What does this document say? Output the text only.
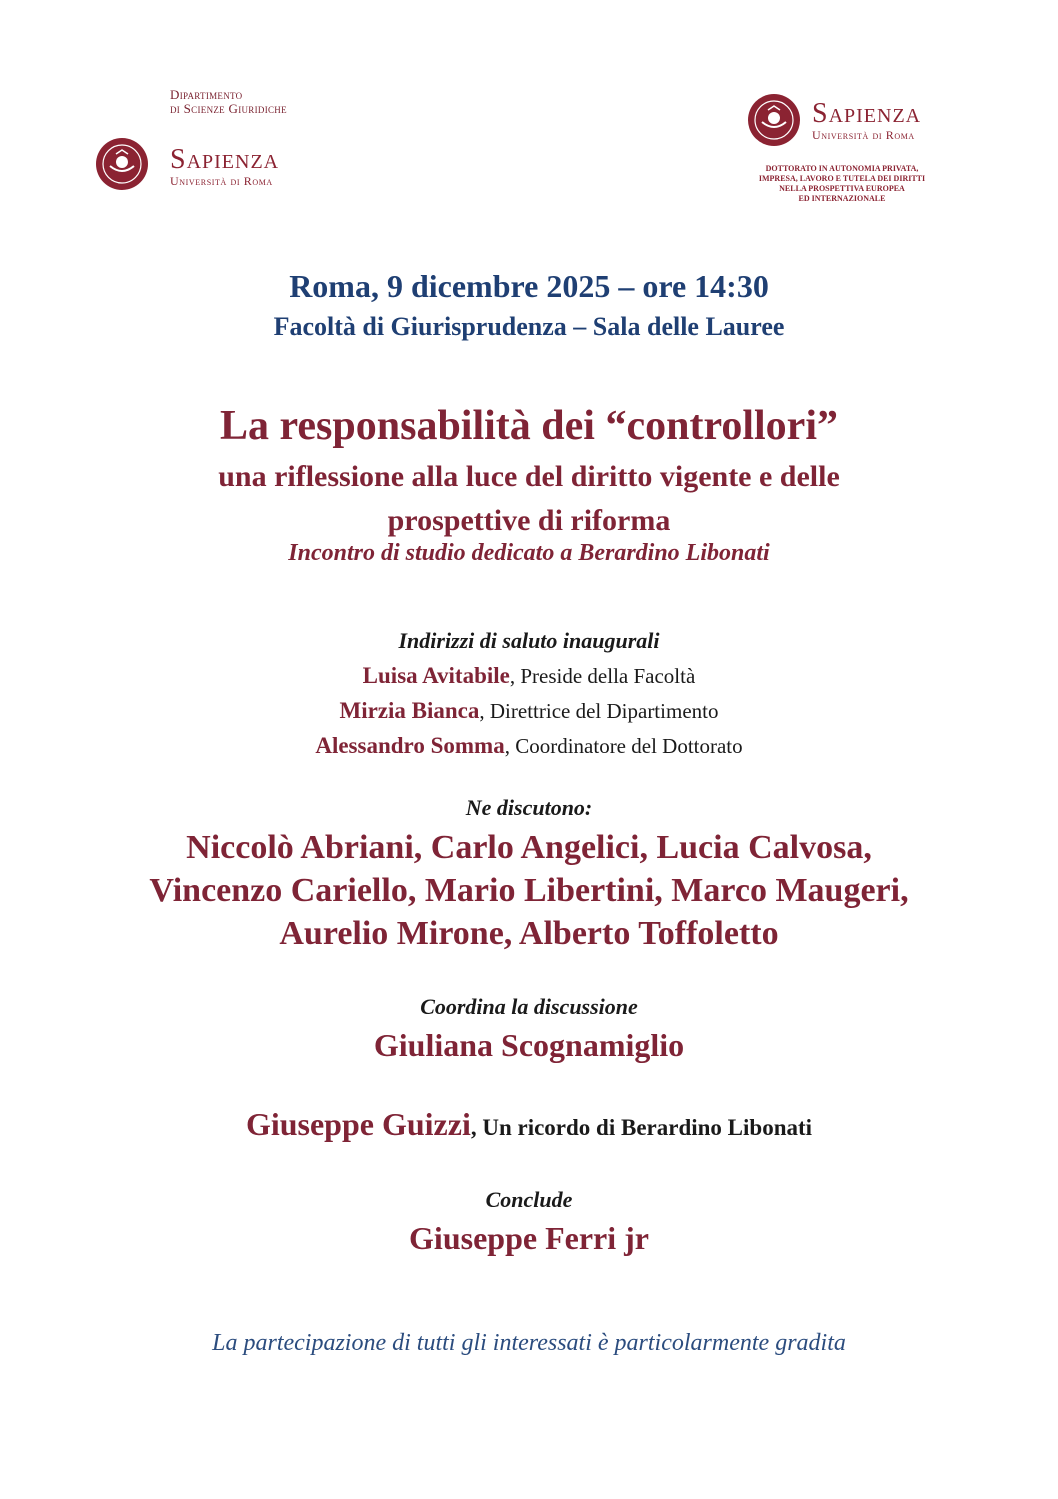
Dipartimento
di Scienze Giuridiche
Sapienza
Università di Roma
Sapienza
Università di Roma
DOTTORATO IN AUTONOMIA PRIVATA,
IMPRESA, LAVORO E TUTELA DEI DIRITTI
NELLA PROSPETTIVA EUROPEA
ED INTERNAZIONALE
Roma, 9 dicembre 2025 – ore 14:30
Facoltà di Giurisprudenza – Sala delle Lauree
La responsabilità dei “controllori”
una riflessione alla luce del diritto vigente e delle
prospettive di riforma
Incontro di studio dedicato a Berardino Libonati
Indirizzi di saluto inaugurali
Luisa Avitabile, Preside della Facoltà
Mirzia Bianca, Direttrice del Dipartimento
Alessandro Somma, Coordinatore del Dottorato
Ne discutono:
Niccolò Abriani, Carlo Angelici, Lucia Calvosa,
Vincenzo Cariello, Mario Libertini, Marco Maugeri,
Aurelio Mirone, Alberto Toffoletto
Coordina la discussione
Giuliana Scognamiglio
Giuseppe Guizzi, Un ricordo di Berardino Libonati
Conclude
Giuseppe Ferri jr
La partecipazione di tutti gli interessati è particolarmente gradita
